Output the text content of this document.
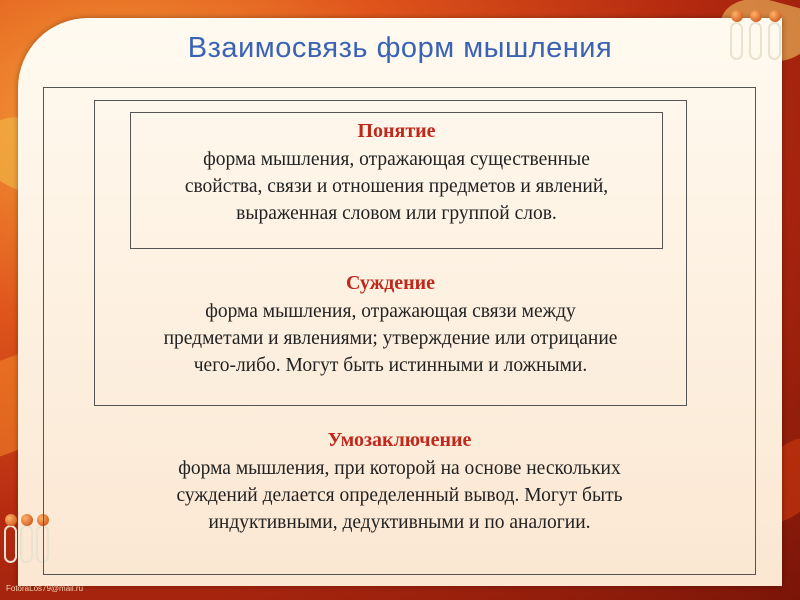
Взаимосвязь форм мышления
Понятие
форма мышления, отражающая существенные
свойства, связи и отношения предметов и явлений,
выраженная словом или группой слов.
Суждение
форма мышления, отражающая связи между
предметами и явлениями; утверждение или отрицание
чего-либо. Могут быть истинными и ложными.
Умозаключение
форма мышления, при которой на основе нескольких
суждений делается определенный вывод. Могут быть
индуктивными, дедуктивными и по аналогии.
FotoraLos79@mail.ru
